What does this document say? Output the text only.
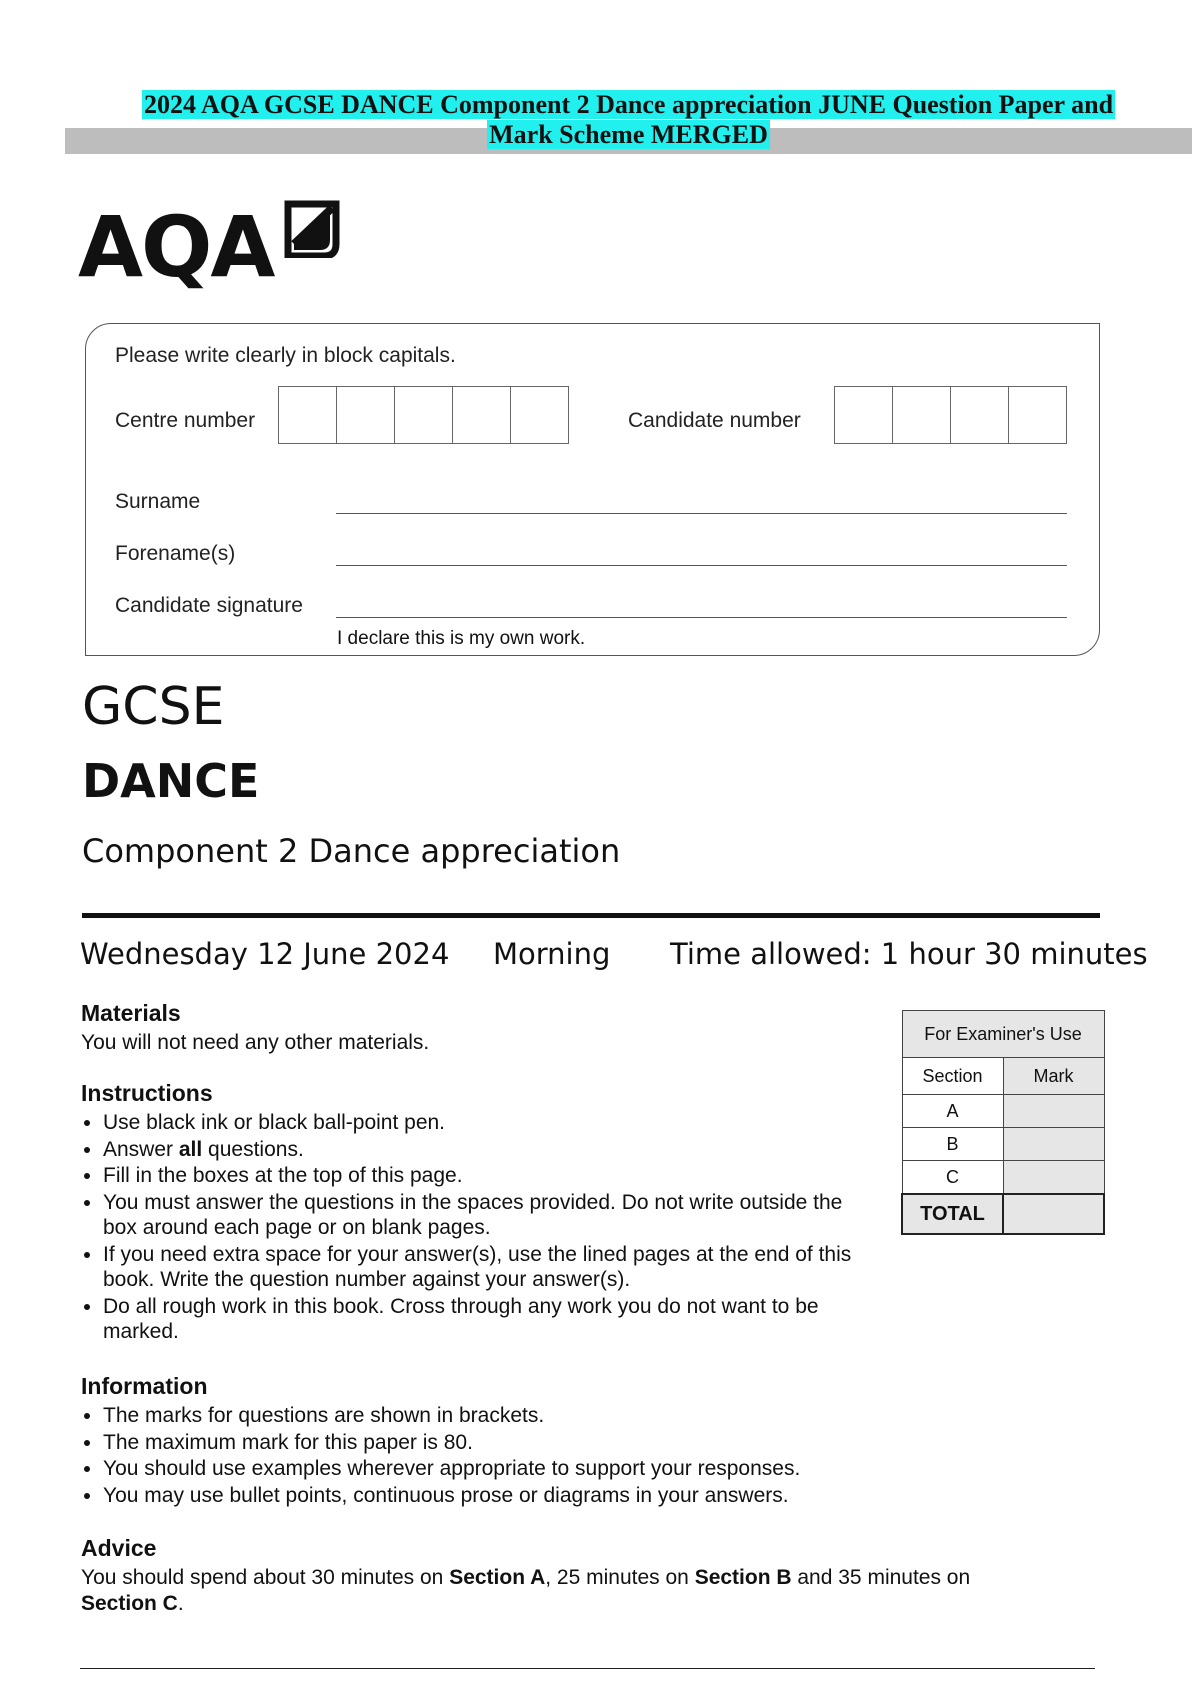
2024 AQA GCSE DANCE Component 2 Dance appreciation JUNE Question Paper and
Mark Scheme MERGED
AQA
Please write clearly in block capitals.
Centre number	Candidate number
Surname
Forename(s)
Candidate signature
I declare this is my own work.
GCSE
DANCE
Component 2 Dance appreciation
Wednesday 12 June 2024 Morning Time allowed: 1 hour 30 minutes
Materials
You will not need any other materials.
Instructions
• Use black ink or black ball-point pen.
• Answer all questions.
• Fill in the boxes at the top of this page.
• You must answer the questions in the spaces provided. Do not write outside the box around each page or on blank pages.
• If you need extra space for your answer(s), use the lined pages at the end of this book. Write the question number against your answer(s).
• Do all rough work in this book. Cross through any work you do not want to be marked.
Information
• The marks for questions are shown in brackets.
• The maximum mark for this paper is 80.
• You should use examples wherever appropriate to support your responses.
• You may use bullet points, continuous prose or diagrams in your answers.
Advice
You should spend about 30 minutes on Section A, 25 minutes on Section B and 35 minutes on Section C.
For Examiner's Use	
Section	Mark
A	
B	
C	
TOTAL	
